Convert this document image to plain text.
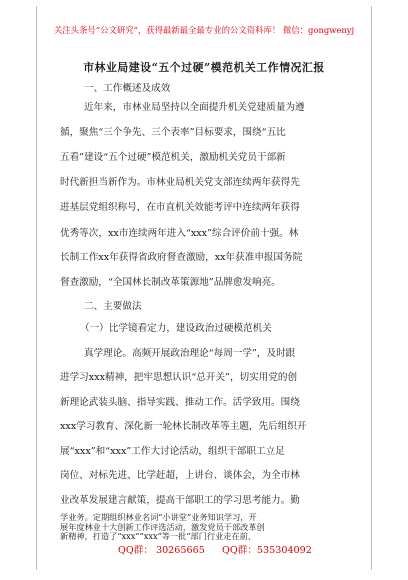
关注头条号“公文研究”，获得最新最全最专业的公文资料库！ 微信：gongwenyj
市林业局建设“五个过硬”模范机关工作情况汇报
一、工作概述及成效
近年来，市林业局坚持以全面提升机关党建质量为遵
循，聚焦“三个争先、三个表率”目标要求，围绕“五比
五看”建设“五个过硬”模范机关，激励机关党员干部新
时代新担当新作为。市林业局机关党支部连续两年获得先
进基层党组织称号，在市直机关效能考评中连续两年获得
优秀等次，xx市连续两年进入“xxx”综合评价前十强。林
长制工作xx年获得省政府督查激励，xx年获准申报国务院
督查激励，“全国林长制改革策源地”品牌愈发响亮。
二、主要做法
（一）比学镜看定力，建设政治过硬模范机关
真学理论。高频开展政治理论“每周一学”，及时跟
进学习xxx精神，把牢思想认识“总开关”，切实用党的创
新理论武装头脑、指导实践、推动工作。活学致用。围绕
xxx学习教育、深化新一轮林长制改革等主题，先后组织开
展“xxx”和“xxx”工作大讨论活动，组织干部职工立足
岗位、对标先进、比学赶超，上讲台、谈体会，为全市林
业改革发展建言献策，提高干部职工的学习思考能力。勤
学业务。定期组织林业名词“小讲堂”业务知识学习，开
QQ群： 30265665 QQ群：535304092
展年度林业十大创新工作评选活动，激发党员干部改革创
新精神，打造了“xxx”“xxx”等一批“部门行业走在前、
